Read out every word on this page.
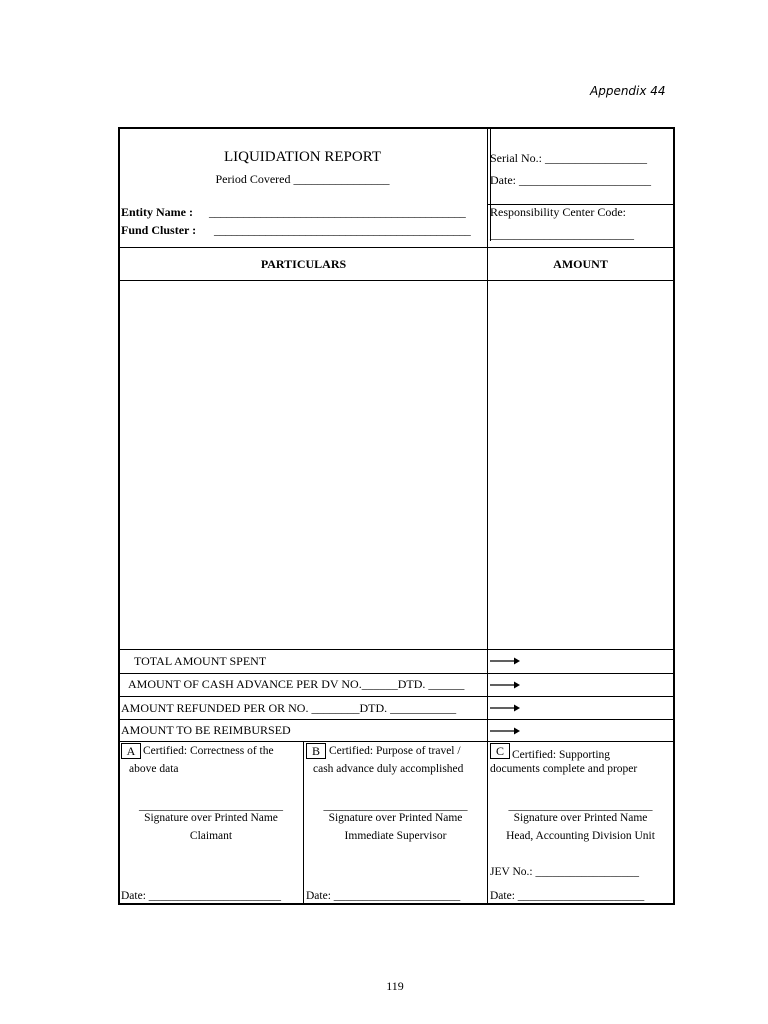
Appendix 44
LIQUIDATION REPORT
Period Covered ________________
Serial No.: _________________
Date: ______________________
Entity Name : _____________________________________________
Fund Cluster : _____________________________________________
Responsibility Center Code:
________________________
PARTICULARS	AMOUNT
TOTAL AMOUNT SPENT
AMOUNT OF CASH ADVANCE PER DV NO.______DTD. ______
AMOUNT REFUNDED PER OR NO. ________DTD. ___________
AMOUNT TO BE REIMBURSED
A Certified: Correctness of the
above data
________________________
Signature over Printed Name
Claimant
Date: _______________________
B Certified: Purpose of travel /
cash advance duly accomplished
________________________
Signature over Printed Name
Immediate Supervisor
Date: ______________________
C Certified: Supporting
documents complete and proper
________________________
Signature over Printed Name
Head, Accounting Division Unit
JEV No.: __________________
Date: ______________________
119
